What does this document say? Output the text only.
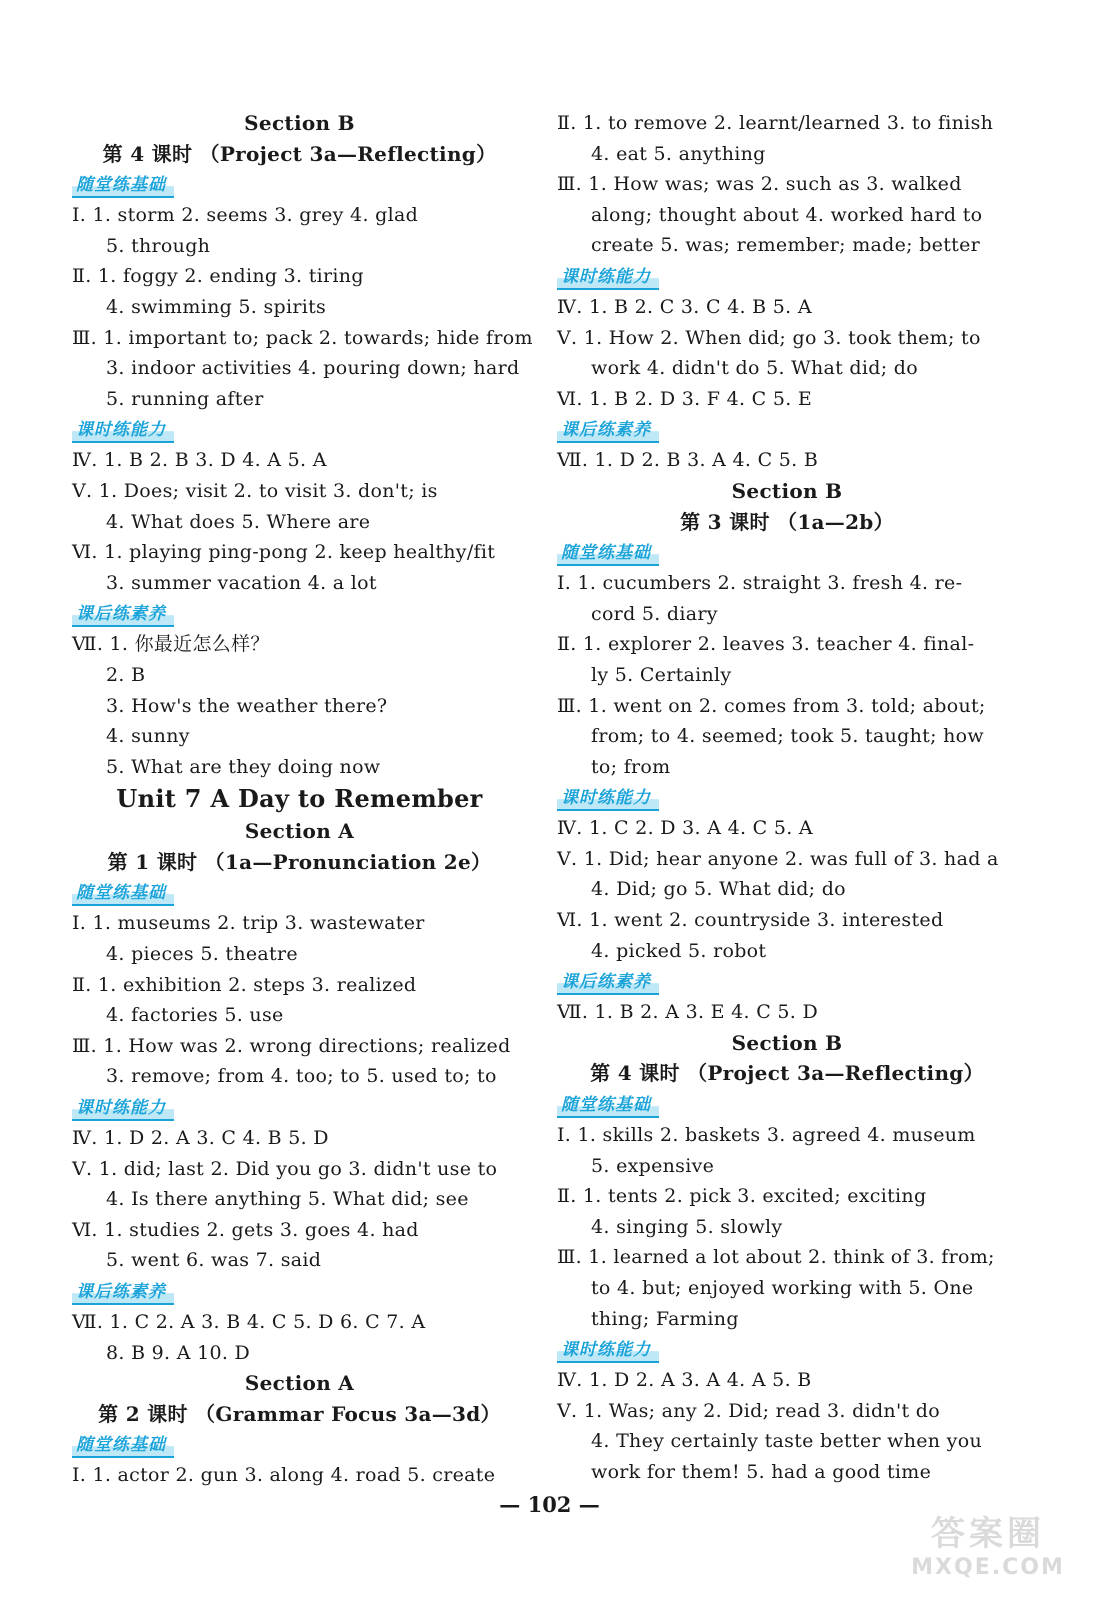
Section B
第 4 课时 （Project 3a—Reflecting）
随堂练基础
Ⅰ. 1. storm 2. seems 3. grey 4. glad
5. through
Ⅱ. 1. foggy 2. ending 3. tiring
4. swimming 5. spirits
Ⅲ. 1. important to; pack 2. towards; hide from
3. indoor activities 4. pouring down; hard
5. running after
课时练能力
Ⅳ. 1. B 2. B 3. D 4. A 5. A
Ⅴ. 1. Does; visit 2. to visit 3. don't; is
4. What does 5. Where are
Ⅵ. 1. playing ping-pong 2. keep healthy/fit
3. summer vacation 4. a lot
课后练素养
Ⅶ. 1. 你最近怎么样？
2. B
3. How's the weather there?
4. sunny
5. What are they doing now
Unit 7 A Day to Remember
Section A
第 1 课时 （1a—Pronunciation 2e）
随堂练基础
Ⅰ. 1. museums 2. trip 3. wastewater
4. pieces 5. theatre
Ⅱ. 1. exhibition 2. steps 3. realized
4. factories 5. use
Ⅲ. 1. How was 2. wrong directions; realized
3. remove; from 4. too; to 5. used to; to
课时练能力
Ⅳ. 1. D 2. A 3. C 4. B 5. D
Ⅴ. 1. did; last 2. Did you go 3. didn't use to
4. Is there anything 5. What did; see
Ⅵ. 1. studies 2. gets 3. goes 4. had
5. went 6. was 7. said
课后练素养
Ⅶ. 1. C 2. A 3. B 4. C 5. D 6. C 7. A
8. B 9. A 10. D
Section A
第 2 课时 （Grammar Focus 3a—3d）
随堂练基础
Ⅰ. 1. actor 2. gun 3. along 4. road 5. create
Ⅱ. 1. to remove 2. learnt/learned 3. to finish
4. eat 5. anything
Ⅲ. 1. How was; was 2. such as 3. walked
along; thought about 4. worked hard to
create 5. was; remember; made; better
课时练能力
Ⅳ. 1. B 2. C 3. C 4. B 5. A
Ⅴ. 1. How 2. When did; go 3. took them; to
work 4. didn't do 5. What did; do
Ⅵ. 1. B 2. D 3. F 4. C 5. E
课后练素养
Ⅶ. 1. D 2. B 3. A 4. C 5. B
Section B
第 3 课时 （1a—2b）
随堂练基础
Ⅰ. 1. cucumbers 2. straight 3. fresh 4. re-
cord 5. diary
Ⅱ. 1. explorer 2. leaves 3. teacher 4. final-
ly 5. Certainly
Ⅲ. 1. went on 2. comes from 3. told; about;
from; to 4. seemed; took 5. taught; how
to; from
课时练能力
Ⅳ. 1. C 2. D 3. A 4. C 5. A
Ⅴ. 1. Did; hear anyone 2. was full of 3. had a
4. Did; go 5. What did; do
Ⅵ. 1. went 2. countryside 3. interested
4. picked 5. robot
课后练素养
Ⅶ. 1. B 2. A 3. E 4. C 5. D
Section B
第 4 课时 （Project 3a—Reflecting）
随堂练基础
Ⅰ. 1. skills 2. baskets 3. agreed 4. museum
5. expensive
Ⅱ. 1. tents 2. pick 3. excited; exciting
4. singing 5. slowly
Ⅲ. 1. learned a lot about 2. think of 3. from;
to 4. but; enjoyed working with 5. One
thing; Farming
课时练能力
Ⅳ. 1. D 2. A 3. A 4. A 5. B
Ⅴ. 1. Was; any 2. Did; read 3. didn't do
4. They certainly taste better when you
work for them! 5. had a good time
— 102 —
答案圈
MXQE.COM
